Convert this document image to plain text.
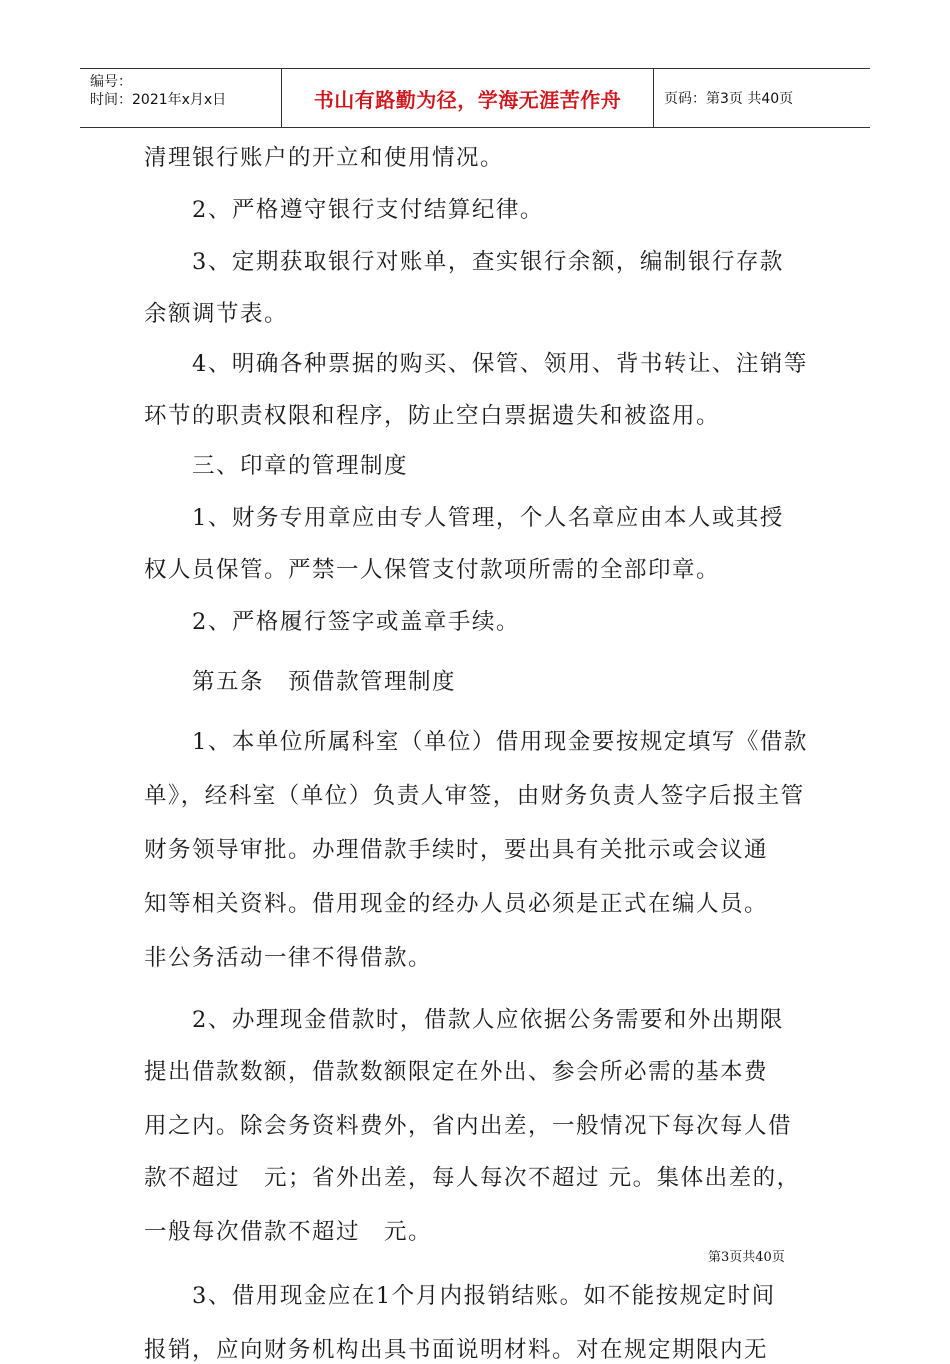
编号：
时间：2021年x月x日	书山有路勤为径，学海无涯苦作舟	页码：第3页 共40页
清理银行账户的开立和使用情况。
　　2、严格遵守银行支付结算纪律。
　　3、定期获取银行对账单，查实银行余额，编制银行存款
余额调节表。
　　4、明确各种票据的购买、保管、领用、背书转让、注销等
环节的职责权限和程序，防止空白票据遗失和被盗用。
　　三、印章的管理制度
　　1、财务专用章应由专人管理，个人名章应由本人或其授
权人员保管。严禁一人保管支付款项所需的全部印章。
　　2、严格履行签字或盖章手续。
　　第五条　预借款管理制度
　　1、本单位所属科室（单位）借用现金要按规定填写《借款
单》，经科室（单位）负责人审签，由财务负责人签字后报主管
财务领导审批。办理借款手续时，要出具有关批示或会议通
知等相关资料。借用现金的经办人员必须是正式在编人员。
非公务活动一律不得借款。
　　2、办理现金借款时，借款人应依据公务需要和外出期限
提出借款数额，借款数额限定在外出、参会所必需的基本费
用之内。除会务资料费外，省内出差，一般情况下每次每人借
款不超过　元；省外出差，每人每次不超过 元。集体出差的，
一般每次借款不超过　元。
　　3、借用现金应在1个月内报销结账。如不能按规定时间
报销，应向财务机构出具书面说明材料。对在规定期限内无
第3页共40页
